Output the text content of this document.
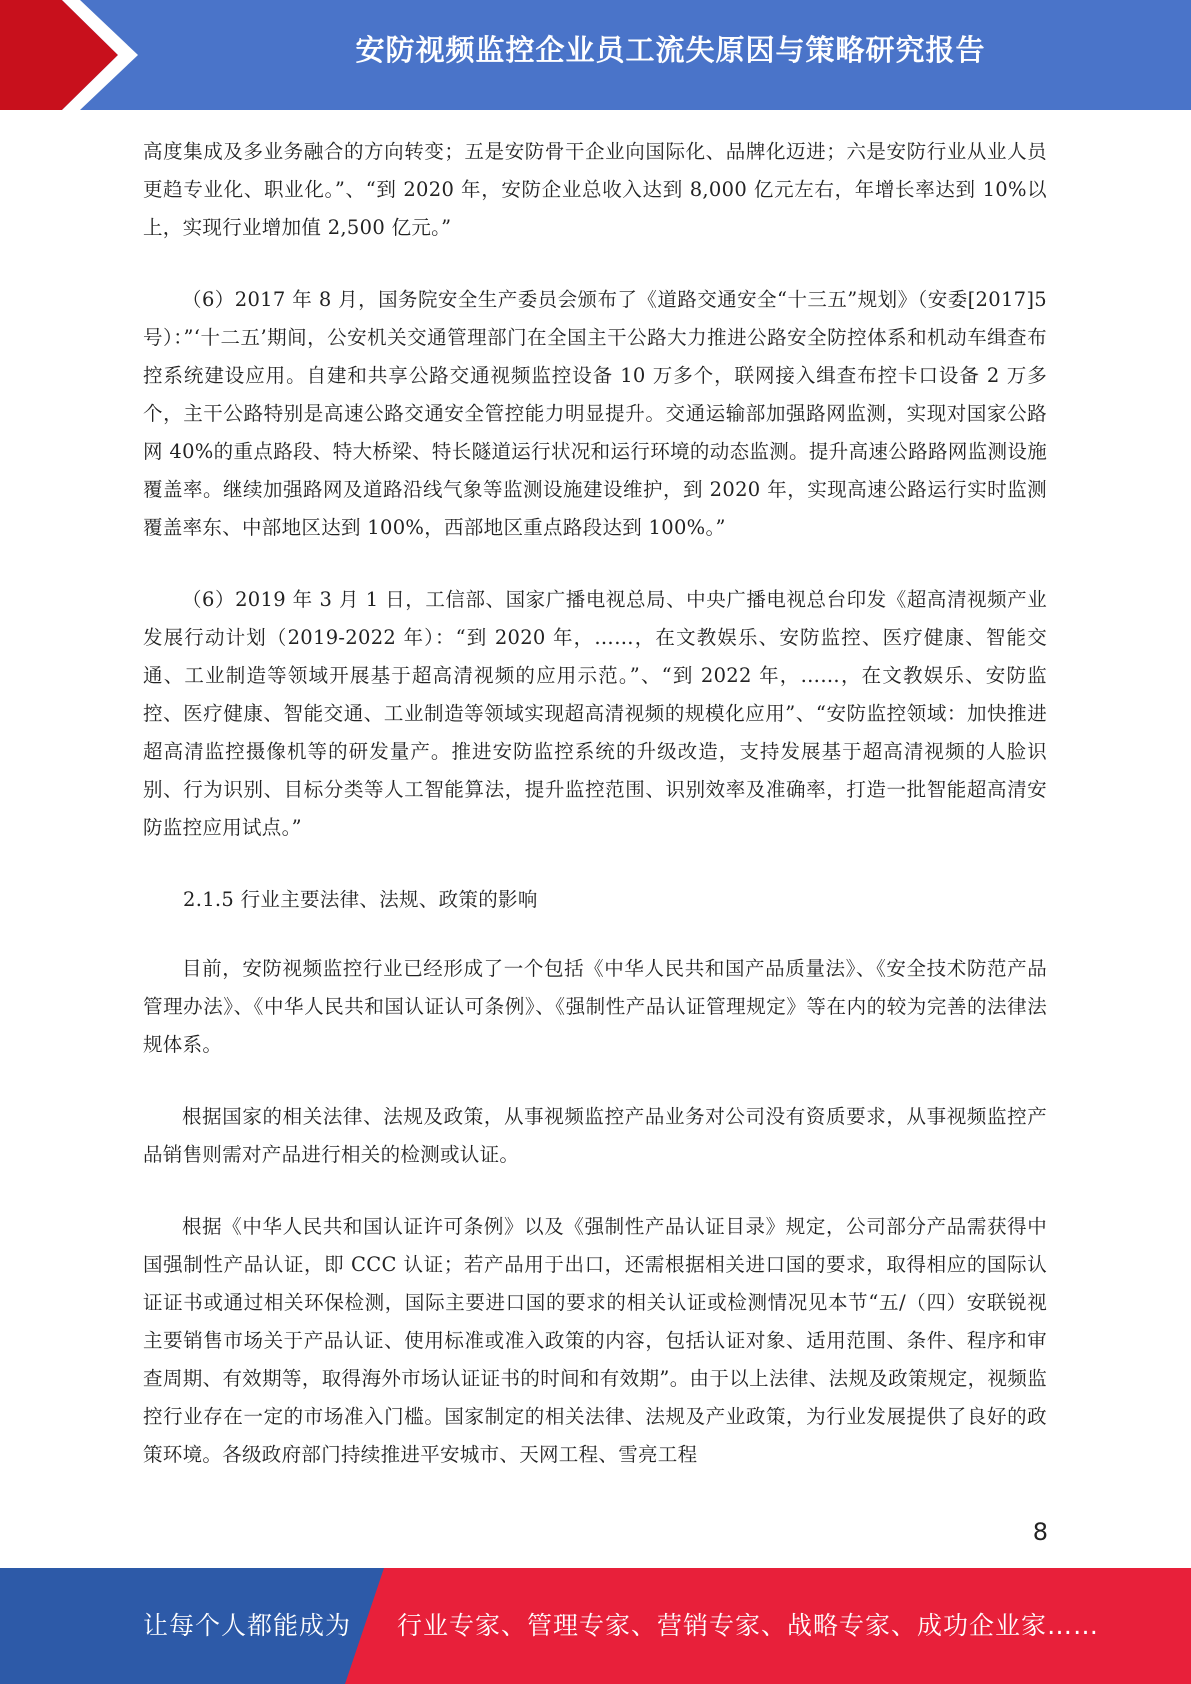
安防视频监控企业员工流失原因与策略研究报告

高度集成及多业务融合的方向转变；五是安防骨干企业向国际化、品牌化迈进；六是安防行业从业人员更趋专业化、职业化。”、“到 2020 年，安防企业总收入达到 8,000 亿元左右，年增长率达到 10%以上，实现行业增加值 2,500 亿元。”

（6）2017 年 8 月，国务院安全生产委员会颁布了《道路交通安全“十三五”规划》（安委[2017]5 号）：”‘十二五’期间，公安机关交通管理部门在全国主干公路大力推进公路安全防控体系和机动车缉查布控系统建设应用。自建和共享公路交通视频监控设备 10 万多个，联网接入缉查布控卡口设备 2 万多个，主干公路特别是高速公路交通安全管控能力明显提升。交通运输部加强路网监测，实现对国家公路网 40%的重点路段、特大桥梁、特长隧道运行状况和运行环境的动态监测。提升高速公路路网监测设施覆盖率。继续加强路网及道路沿线气象等监测设施建设维护，到 2020 年，实现高速公路运行实时监测覆盖率东、中部地区达到 100%，西部地区重点路段达到 100%。”

（6）2019 年 3 月 1 日，工信部、国家广播电视总局、中央广播电视总台印发《超高清视频产业发展行动计划（2019-2022 年）：“到 2020 年，……，在文教娱乐、安防监控、医疗健康、智能交通、工业制造等领域开展基于超高清视频的应用示范。”、“到 2022 年，……，在文教娱乐、安防监控、医疗健康、智能交通、工业制造等领域实现超高清视频的规模化应用”、“安防监控领域：加快推进超高清监控摄像机等的研发量产。推进安防监控系统的升级改造，支持发展基于超高清视频的人脸识别、行为识别、目标分类等人工智能算法，提升监控范围、识别效率及准确率，打造一批智能超高清安防监控应用试点。”

2.1.5 行业主要法律、法规、政策的影响

目前，安防视频监控行业已经形成了一个包括《中华人民共和国产品质量法》、《安全技术防范产品管理办法》、《中华人民共和国认证认可条例》、《强制性产品认证管理规定》等在内的较为完善的法律法规体系。

根据国家的相关法律、法规及政策，从事视频监控产品业务对公司没有资质要求，从事视频监控产品销售则需对产品进行相关的检测或认证。

根据《中华人民共和国认证许可条例》以及《强制性产品认证目录》规定，公司部分产品需获得中国强制性产品认证，即 CCC 认证；若产品用于出口，还需根据相关进口国的要求，取得相应的国际认证证书或通过相关环保检测，国际主要进口国的要求的相关认证或检测情况见本节“五/（四）安联锐视主要销售市场关于产品认证、使用标准或准入政策的内容，包括认证对象、适用范围、条件、程序和审查周期、有效期等，取得海外市场认证证书的时间和有效期”。由于以上法律、法规及政策规定，视频监控行业存在一定的市场准入门槛。国家制定的相关法律、法规及产业政策，为行业发展提供了良好的政策环境。各级政府部门持续推进平安城市、天网工程、雪亮工程

8
让每个人都能成为 行业专家、管理专家、营销专家、战略专家、成功企业家……
